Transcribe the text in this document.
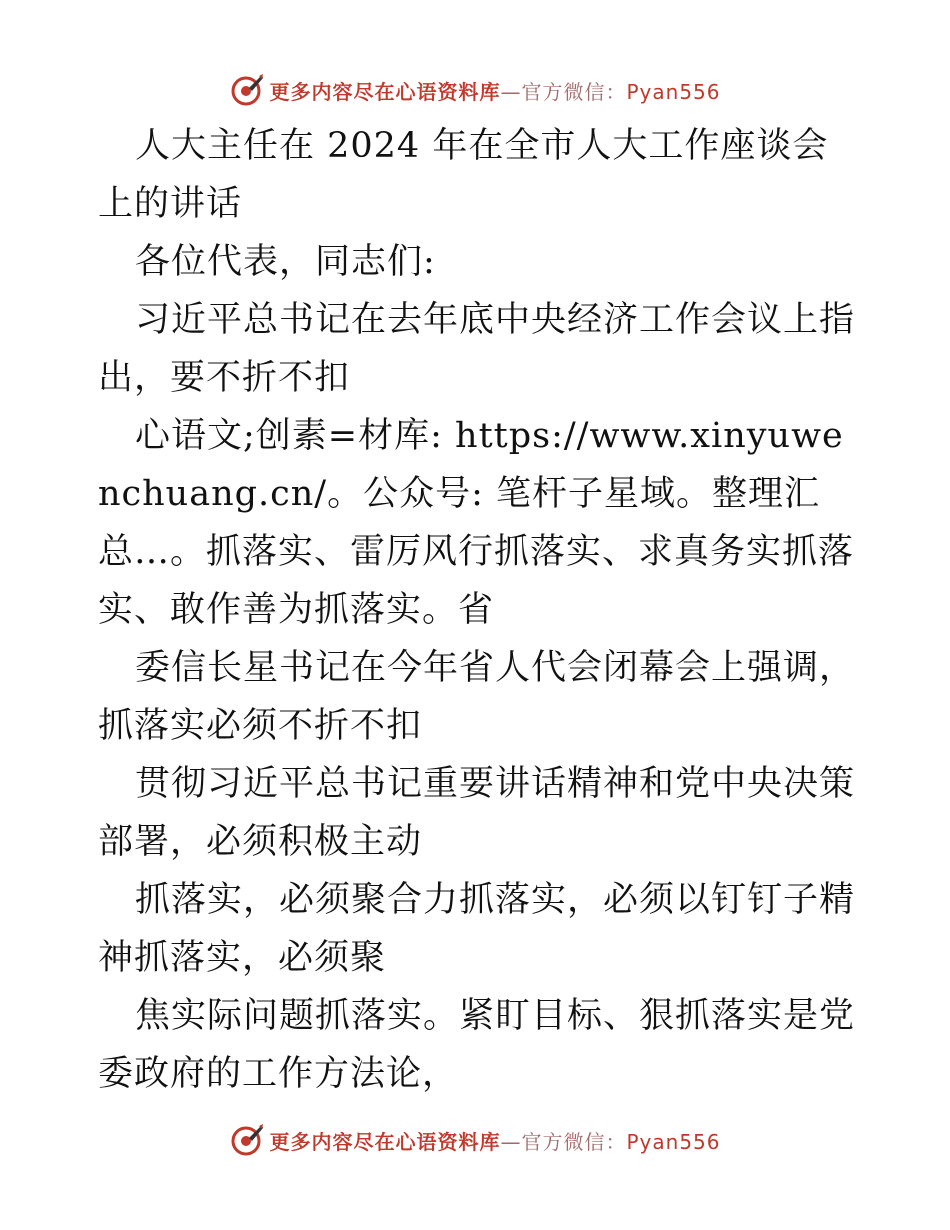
更多内容尽在心语资料库—官方微信：Pyan556

人大主任在 2024 年在全市人大工作座谈会上的讲话

各位代表，同志们:

习近平总书记在去年底中央经济工作会议上指出，要不折不扣

心语文;创素=材库: https://www.xinyuwenchuang.cn/。公众号: 笔杆子星域。整理汇总…。抓落实、雷厉风行抓落实、求真务实抓落实、敢作善为抓落实。省

委信长星书记在今年省人代会闭幕会上强调，抓落实必须不折不扣

贯彻习近平总书记重要讲话精神和党中央决策部署，必须积极主动

抓落实，必须聚合力抓落实，必须以钉钉子精神抓落实，必须聚

焦实际问题抓落实。紧盯目标、狠抓落实是党委政府的工作方法论，

更多内容尽在心语资料库—官方微信：Pyan556
